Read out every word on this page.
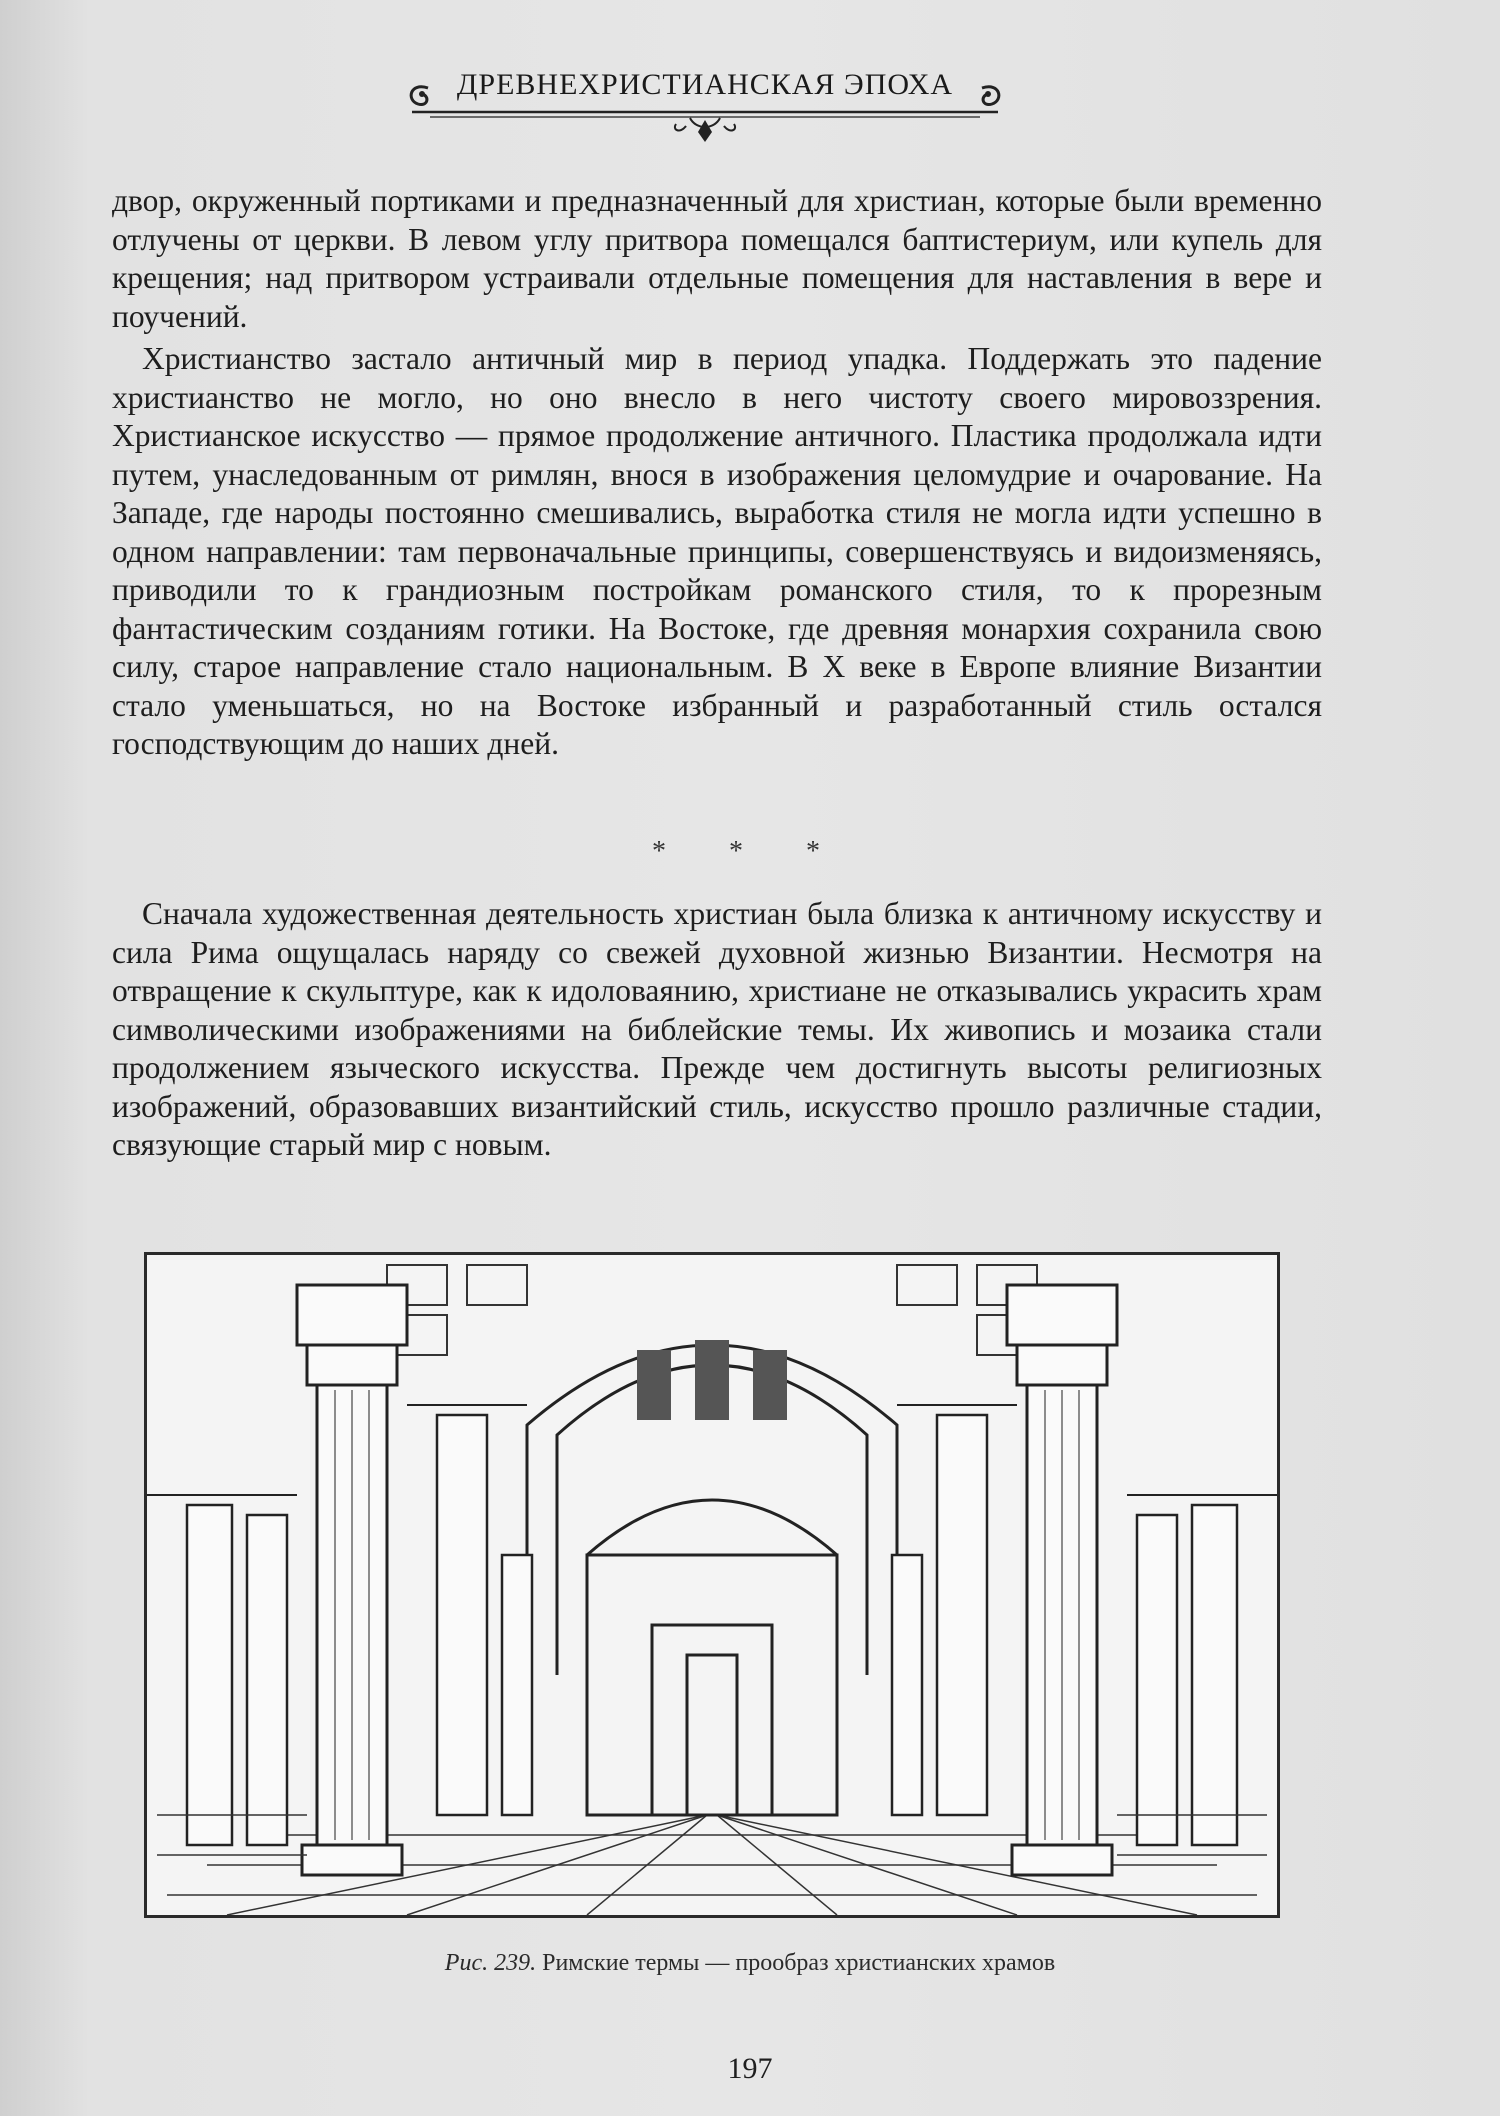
ДРЕВНЕХРИСТИАНСКАЯ ЭПОХА

двор, окруженный портиками и предназначенный для христиан, которые были временно отлучены от церкви. В левом углу притвора помещался баптистериум, или купель для крещения; над притвором устраивали отдельные помещения для наставления в вере и поучений.

Христианство застало античный мир в период упадка. Поддержать это падение христианство не могло, но оно внесло в него чистоту своего мировоззрения. Христианское искусство — прямое продолжение античного. Пластика продолжала идти путем, унаследованным от римлян, внося в изображения целомудрие и очарование. На Западе, где народы постоянно смешивались, выработка стиля не могла идти успешно в одном направлении: там первоначальные принципы, совершенствуясь и видоизменяясь, приводили то к грандиозным постройкам романского стиля, то к прорезным фантастическим созданиям готики. На Востоке, где древняя монархия сохранила свою силу, старое направление стало национальным. В X веке в Европе влияние Византии стало уменьшаться, но на Востоке избранный и разработанный стиль остался господствующим до наших дней.

* * *

Сначала художественная деятельность христиан была близка к античному искусству и сила Рима ощущалась наряду со свежей духовной жизнью Византии. Несмотря на отвращение к скульптуре, как к идоловаянию, христиане не отказывались украсить храм символическими изображениями на библейские темы. Их живопись и мозаика стали продолжением языческого искусства. Прежде чем достигнуть высоты религиозных изображений, образовавших византийский стиль, искусство прошло различные стадии, связующие старый мир с новым.

Рис. 239. Римские термы — прообраз христианских храмов
197
